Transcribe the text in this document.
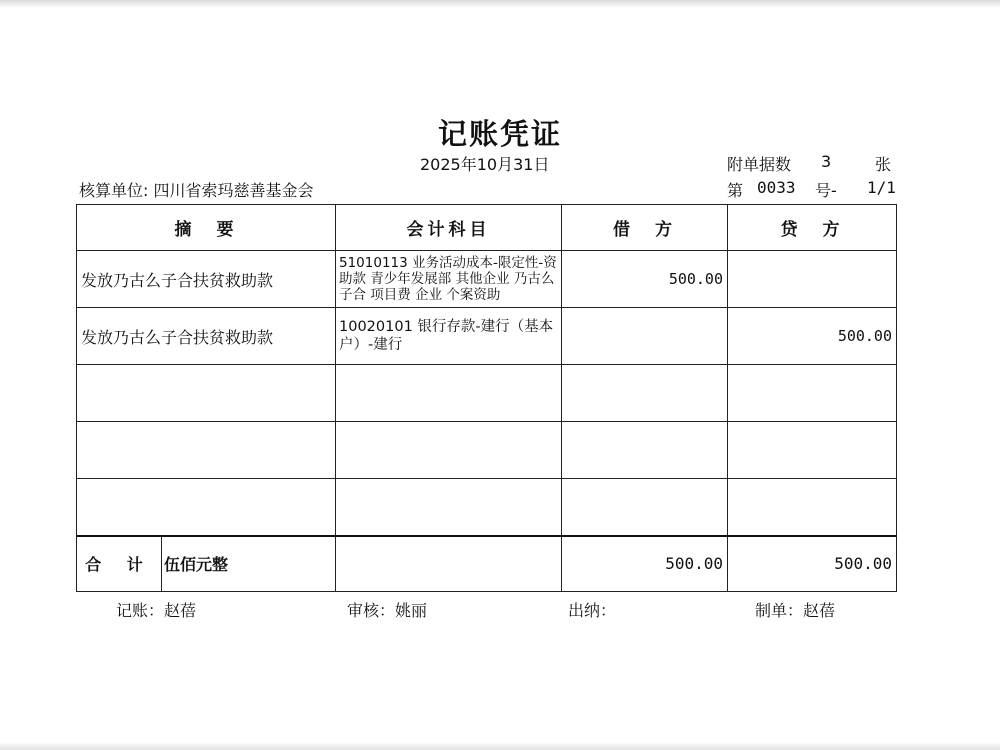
记账凭证
2025年10月31日	附单据数 3	张
核算单位: 四川省索玛慈善基金会	第 0033 号- 1/1
摘　要	会计科目	借　方	贷　方
发放乃古么子合扶贫救助款	51010113 业务活动成本-限定性-资助款 青少年发展部 其他企业 乃古么子合 项目费 企业 个案资助	500.00	
发放乃古么子合扶贫救助款	10020101 银行存款-建行（基本户）-建行		500.00

合 计 伍佰元整		500.00	500.00
记账：赵蓓	审核：姚丽	出纳：	制单：赵蓓
